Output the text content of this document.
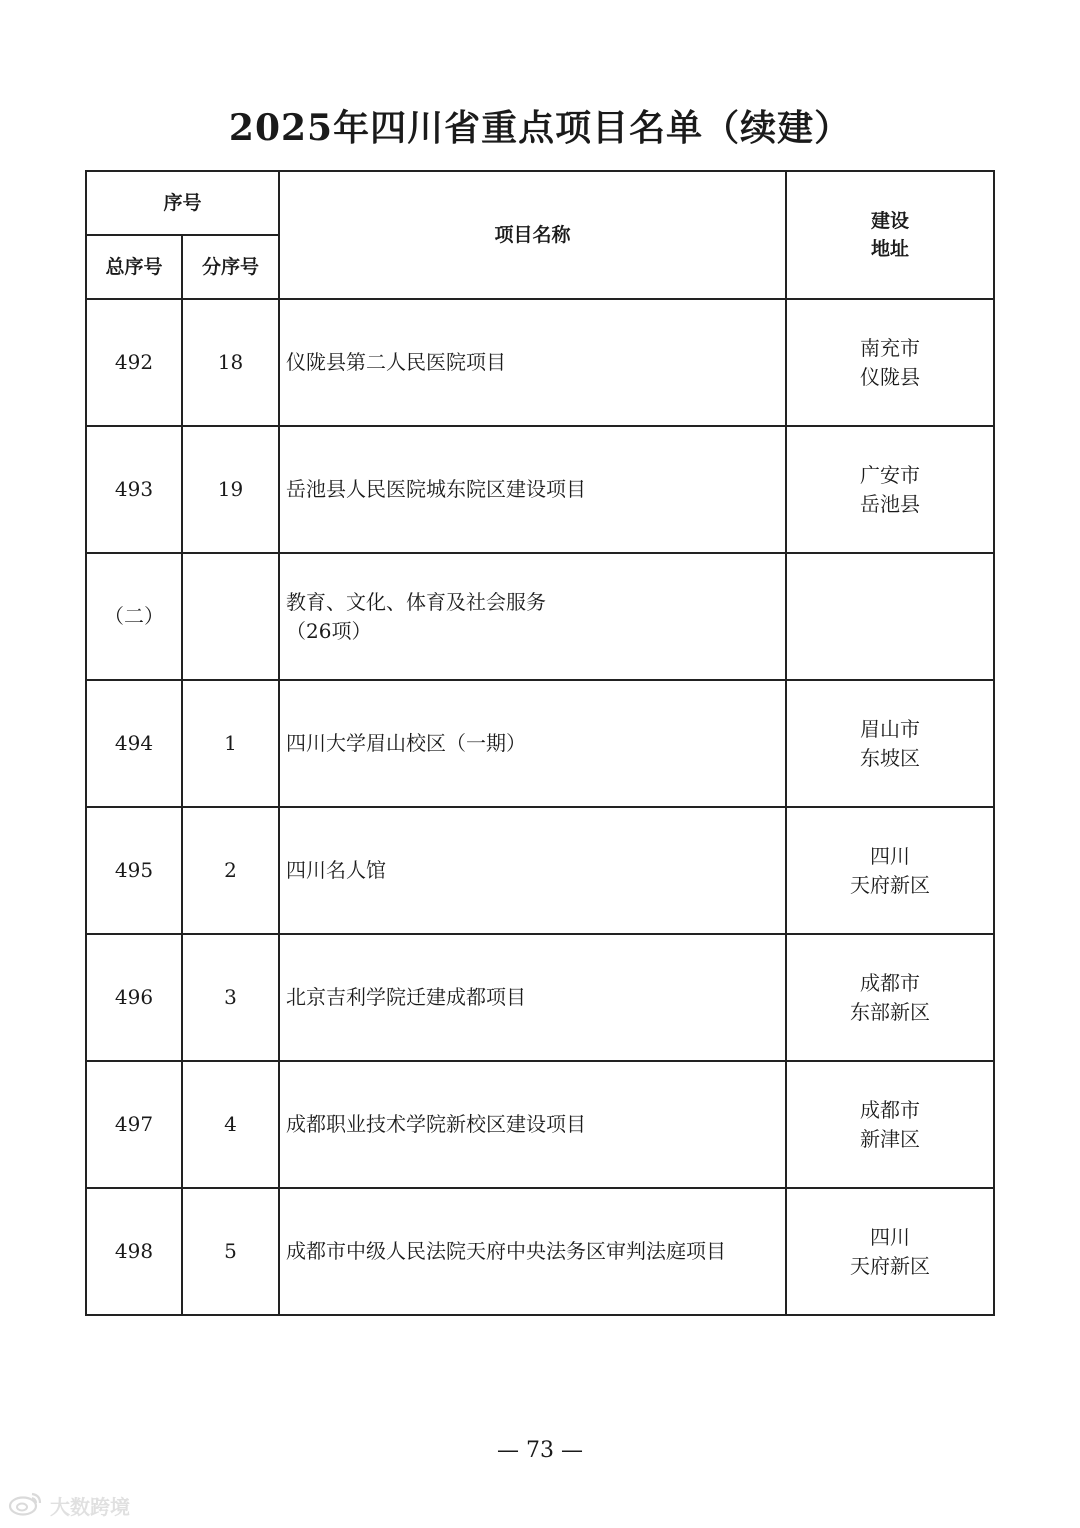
2025年四川省重点项目名单（续建）
序号		项目名称	建设
地址
总序号	分序号		
492	18	仪陇县第二人民医院项目	南充市
仪陇县
493	19	岳池县人民医院城东院区建设项目	广安市
岳池县
（二）		教育、文化、体育及社会服务
（26项）	
494	1	四川大学眉山校区（一期）	眉山市
东坡区
495	2	四川名人馆	四川
天府新区
496	3	北京吉利学院迁建成都项目	成都市
东部新区
497	4	成都职业技术学院新校区建设项目	成都市
新津区
498	5	成都市中级人民法院天府中央法务区审判法庭项目	四川
天府新区
— 73 —
大数跨境
